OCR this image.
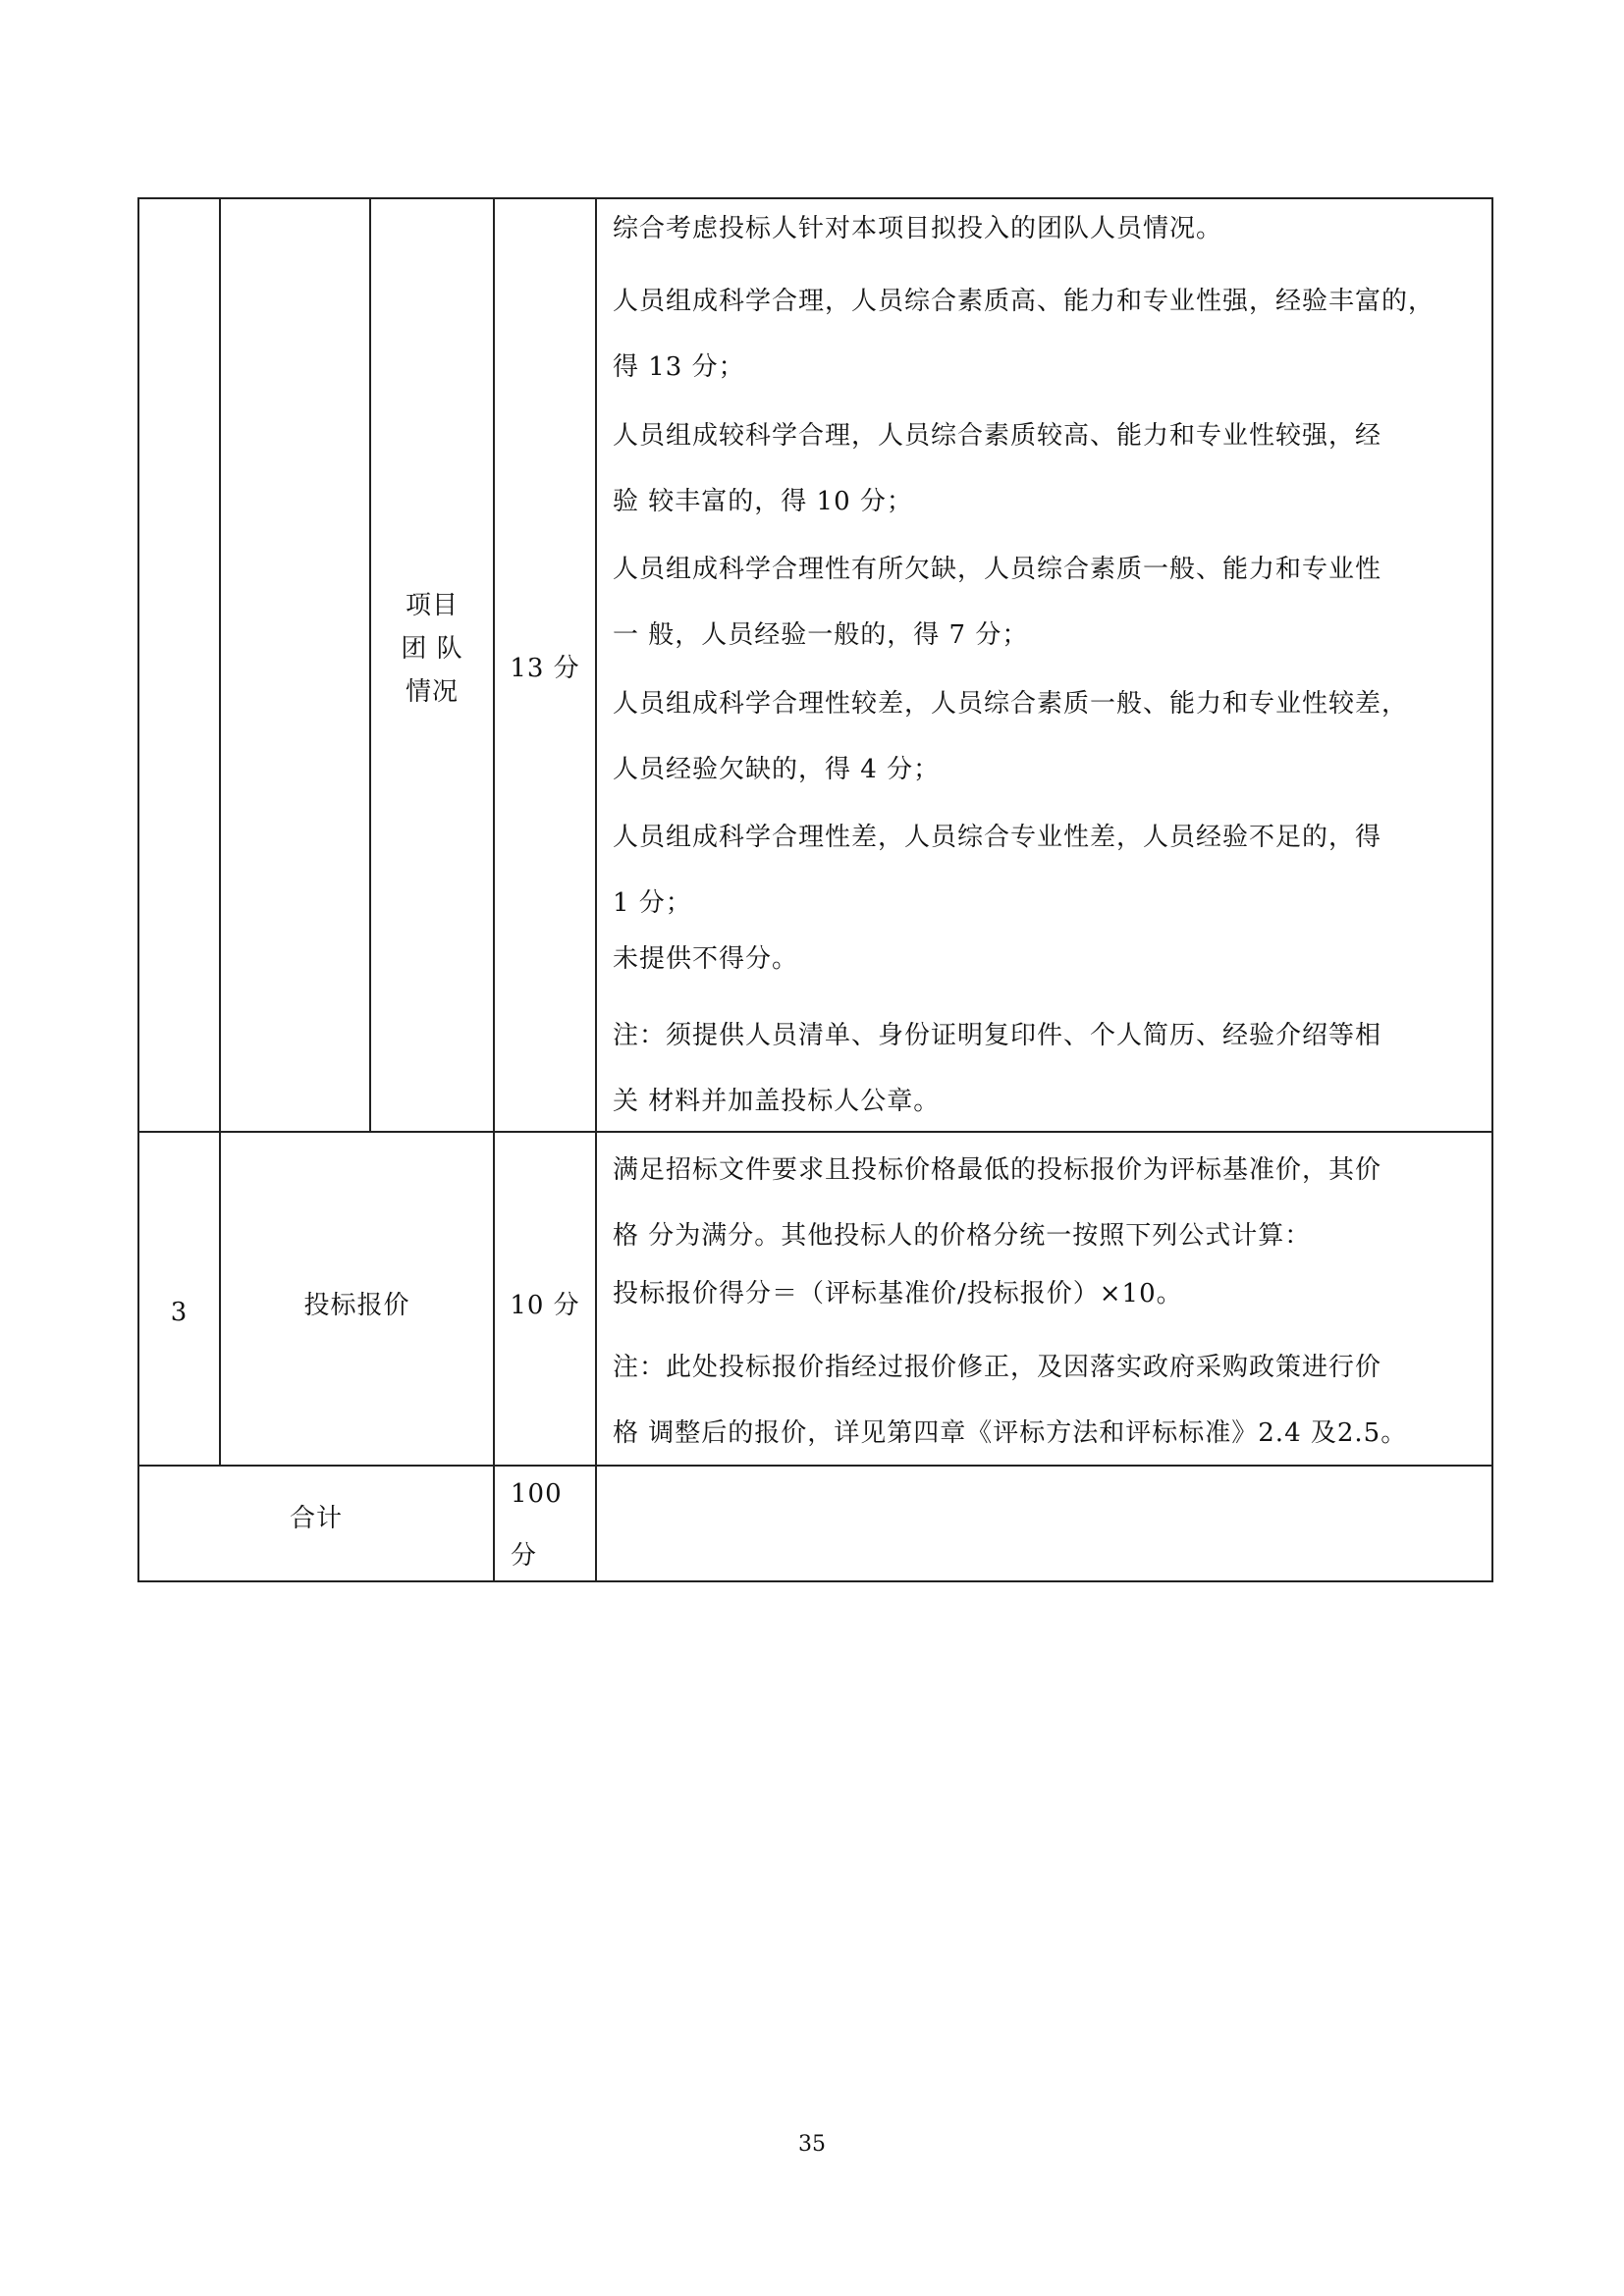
项目
团 队
情况
13 分
综合考虑投标人针对本项目拟投入的团队人员情况。
人员组成科学合理，人员综合素质高、能力和专业性强，经验丰富的，
得 13 分；
人员组成较科学合理，人员综合素质较高、能力和专业性较强，经
验 较丰富的，得 10 分；
人员组成科学合理性有所欠缺，人员综合素质一般、能力和专业性
一 般，人员经验一般的，得 7 分；
人员组成科学合理性较差，人员综合素质一般、能力和专业性较差，
人员经验欠缺的，得 4 分；
人员组成科学合理性差，人员综合专业性差，人员经验不足的，得
1 分；
未提供不得分。
注：须提供人员清单、身份证明复印件、个人简历、经验介绍等相
关 材料并加盖投标人公章。
3	投标报价	10 分
满足招标文件要求且投标价格最低的投标报价为评标基准价，其价
格 分为满分。其他投标人的价格分统一按照下列公式计算：
投标报价得分＝（评标基准价/投标报价）×10。
注：此处投标报价指经过报价修正，及因落实政府采购政策进行价
格 调整后的报价，详见第四章《评标方法和评标标准》2.4 及2.5。
合计
100
分
35
